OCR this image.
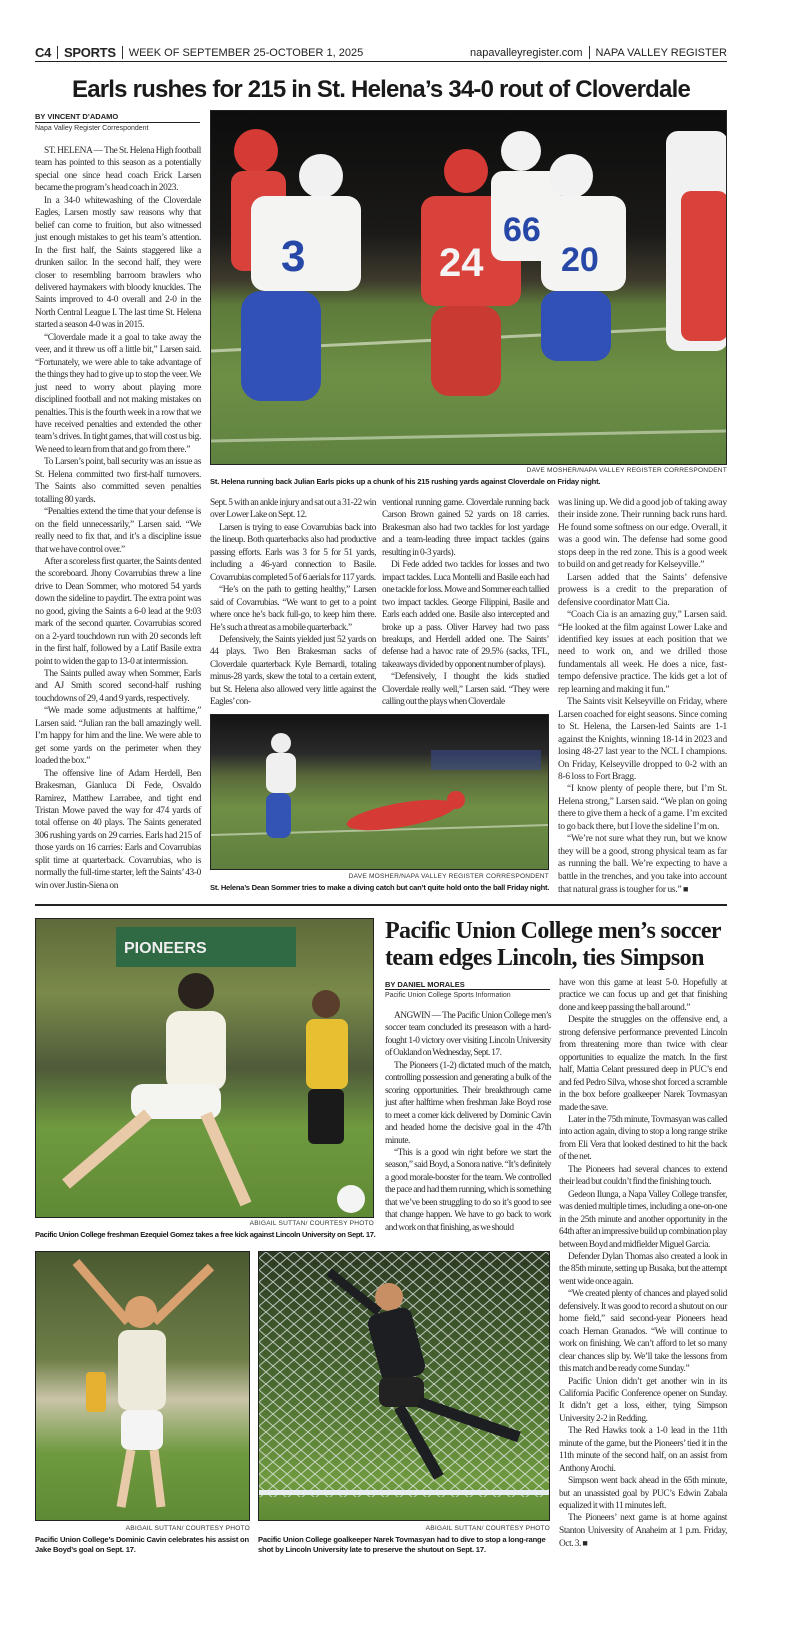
C4 SPORTS WEEK OF SEPTEMBER 25-OCTOBER 1, 2025	napavalleyregister.com NAPA VALLEY REGISTER
Earls rushes for 215 in St. Helena’s 34-0 rout of Cloverdale
BY VINCENT D’ADAMO
Napa Valley Register Correspondent
3	24
66
20
DAVE MOSHER/NAPA VALLEY REGISTER CORRESPONDENT
St. Helena running back Julian Earls picks up a chunk of his 215 rushing yards against Cloverdale on Friday night.

ST. HELENA — The St. Helena High football team has pointed to this season as a potentially special one since head coach Erick Larsen became the program’s head coach in 2023.

In a 34-0 whitewashing of the Cloverdale Eagles, Larsen mostly saw reasons why that belief can come to fruition, but also witnessed just enough mistakes to get his team’s attention. In the first half, the Saints staggered like a drunken sailor. In the second half, they were closer to resembling barroom brawlers who delivered haymakers with bloody knuckles. The Saints improved to 4-0 overall and 2-0 in the North Central League I. The last time St. Helena started a season 4-0 was in 2015.

“Cloverdale made it a goal to take away the veer, and it threw us off a little bit,” Larsen said. “Fortunately, we were able to take advantage of the things they had to give up to stop the veer. We just need to worry about playing more disciplined football and not making mistakes on penalties. This is the fourth week in a row that we have received penalties and extended the other team’s drives. In tight games, that will cost us big. We need to learn from that and go from there.”

To Larsen’s point, ball security was an issue as St. Helena committed two first-half turnovers. The Saints also committed seven penalties totalling 80 yards.

“Penalties extend the time that your defense is on the field unnecessarily,” Larsen said. “We really need to fix that, and it’s a discipline issue that we have control over.”

After a scoreless first quarter, the Saints dented the scoreboard. Jhony Covarrubias threw a line drive to Dean Sommer, who motored 54 yards down the sideline to paydirt. The extra point was no good, giving the Saints a 6-0 lead at the 9:03 mark of the second quarter. Covarrubias scored on a 2-yard touchdown run with 20 seconds left in the first half, followed by a Latif Basile extra point to widen the gap to 13-0 at intermission.

The Saints pulled away when Sommer, Earls and AJ Smith scored second-half rushing touchdowns of 29, 4 and 9 yards, respectively.

“We made some adjustments at halftime,” Larsen said. “Julian ran the ball amazingly well. I’m happy for him and the line. We were able to get some yards on the perimeter when they loaded the box.”

The offensive line of Adam Herdell, Ben Brakesman, Gianluca Di Fede, Osvaldo Ramirez, Matthew Larrabee, and tight end Tristan Mowe paved the way for 474 yards of total offense on 40 plays. The Saints generated 306 rushing yards on 29 carries. Earls had 215 of those yards on 16 carries: Earls and Covarrubias split time at quarterback. Covarrubias, who is normally the full-time starter, left the Saints’ 43-0 win over Justin-Siena on

Sept. 5 with an ankle injury and sat out a 31-22 win over Lower Lake on Sept. 12.

Larsen is trying to ease Covarrubias back into the lineup. Both quarterbacks also had productive passing efforts. Earls was 3 for 5 for 51 yards, including a 46-yard connection to Basile. Covarrubias completed 5 of 6 aerials for 117 yards.

“He’s on the path to getting healthy,” Larsen said of Covarrubias. “We want to get to a point where once he’s back full-go, to keep him there. He’s such a threat as a mobile quarterback.”

Defensively, the Saints yielded just 52 yards on 44 plays. Two Ben Brakesman sacks of Cloverdale quarterback Kyle Bernardi, totaling minus-28 yards, skew the total to a certain extent, but St. Helena also allowed very little against the Eagles’ con-

ventional running game. Cloverdale running back Carson Brown gained 52 yards on 18 carries. Brakesman also had two tackles for lost yardage and a team-leading three impact tackles (gains resulting in 0-3 yards).

Di Fede added two tackles for losses and two impact tackles. Luca Montelli and Basile each had one tackle for loss. Mowe and Sommer each tallied two impact tackles. George Filippini, Basile and Earls each added one. Basile also intercepted and broke up a pass. Oliver Harvey had two pass breakups, and Herdell added one. The Saints’ defense had a havoc rate of 29.5% (sacks, TFL, takeaways divided by opponent number of plays).

“Defensively, I thought the kids studied Cloverdale really well,” Larsen said. “They were calling out the plays when Cloverdale

was lining up. We did a good job of taking away their inside zone. Their running back runs hard. He found some softness on our edge. Overall, it was a good win. The defense had some good stops deep in the red zone. This is a good week to build on and get ready for Kelseyville.”

Larsen added that the Saints’ defensive prowess is a credit to the preparation of defensive coordinator Matt Cia.

“Coach Cia is an amazing guy,” Larsen said. “He looked at the film against Lower Lake and identified key issues at each position that we need to work on, and we drilled those fundamentals all week. He does a nice, fast-tempo defensive practice. The kids get a lot of rep learning and making it fun.”

The Saints visit Kelseyville on Friday, where Larsen coached for eight seasons. Since coming to St. Helena, the Larsen-led Saints are 1-1 against the Knights, winning 18-14 in 2023 and losing 48-27 last year to the NCL I champions. On Friday, Kelseyville dropped to 0-2 with an 8-6 loss to Fort Bragg.

“I know plenty of people there, but I’m St. Helena strong,” Larsen said. “We plan on going there to give them a heck of a game. I’m excited to go back there, but I love the sideline I’m on.

“We’re not sure what they run, but we know they will be a good, strong physical team as far as running the ball. We’re expecting to have a battle in the trenches, and you take into account that natural grass is tougher for us.” ■

DAVE MOSHER/NAPA VALLEY REGISTER CORRESPONDENT
St. Helena’s Dean Sommer tries to make a diving catch but can’t quite hold onto the ball Friday night.
PIONEERS
ABIGAIL SUTTAN/ COURTESY PHOTO
Pacific Union College freshman Ezequiel Gomez takes a free kick against Lincoln University on Sept. 17.
Pacific Union College men’s soccer team edges Lincoln, ties Simpson
BY DANIEL MORALES
Pacific Union College Sports Information

ANGWIN — The Pacific Union College men’s soccer team concluded its preseason with a hard-fought 1-0 victory over visiting Lincoln University of Oakland on Wednesday, Sept. 17.

The Pioneers (1-2) dictated much of the match, controlling possession and generating a bulk of the scoring opportunities. Their breakthrough came just after halftime when freshman Jake Boyd rose to meet a corner kick delivered by Dominic Cavin and headed home the decisive goal in the 47th minute.

“This is a good win right before we start the season,” said Boyd, a Sonora native. “It’s definitely a good morale-booster for the team. We controlled the pace and had them running, which is something that we’ve been struggling to do so it’s good to see that change happen. We have to go back to work and work on that finishing, as we should

have won this game at least 5-0. Hopefully at practice we can focus up and get that finishing done and keep passing the ball around.”

Despite the struggles on the offensive end, a strong defensive performance prevented Lincoln from threatening more than twice with clear opportunities to equalize the match. In the first half, Mattia Celant pressured deep in PUC’s end and fed Pedro Silva, whose shot forced a scramble in the box before goalkeeper Narek Tovmasyan made the save.

Later in the 75th minute, Tovmasyan was called into action again, diving to stop a long range strike from Eli Vera that looked destined to hit the back of the net.

The Pioneers had several chances to extend their lead but couldn’t find the finishing touch.

Gedeon Ilunga, a Napa Valley College transfer, was denied multiple times, including a one-on-one in the 25th minute and another opportunity in the 64th after an impressive build up combination play between Boyd and midfielder Miguel Garcia.

Defender Dylan Thomas also created a look in the 85th minute, setting up Busaka, but the attempt went wide once again.

“We created plenty of chances and played solid defensively. It was good to record a shutout on our home field,” said second-year Pioneers head coach Hernan Granados. “We will continue to work on finishing. We can’t afford to let so many clear chances slip by. We’ll take the lessons from this match and be ready come Sunday.”

Pacific Union didn’t get another win in its California Pacific Conference opener on Sunday. It didn’t get a loss, either, tying Simpson University 2-2 in Redding.

The Red Hawks took a 1-0 lead in the 11th minute of the game, but the Pioneers’ tied it in the 11th minute of the second half, on an assist from Anthony Arochi.

Simpson went back ahead in the 65th minute, but an unassisted goal by PUC’s Edwin Zabala equalized it with 11 minutes left.

The Pioneers’ next game is at home against Stanton University of Anaheim at 1 p.m. Friday, Oct. 3. ■

ABIGAIL SUTTAN/ COURTESY PHOTO
Pacific Union College’s Dominic Cavin celebrates his assist on Jake Boyd’s goal on Sept. 17.
ABIGAIL SUTTAN/ COURTESY PHOTO
Pacific Union College goalkeeper Narek Tovmasyan had to dive to stop a long-range shot by Lincoln University late to preserve the shutout on Sept. 17.
